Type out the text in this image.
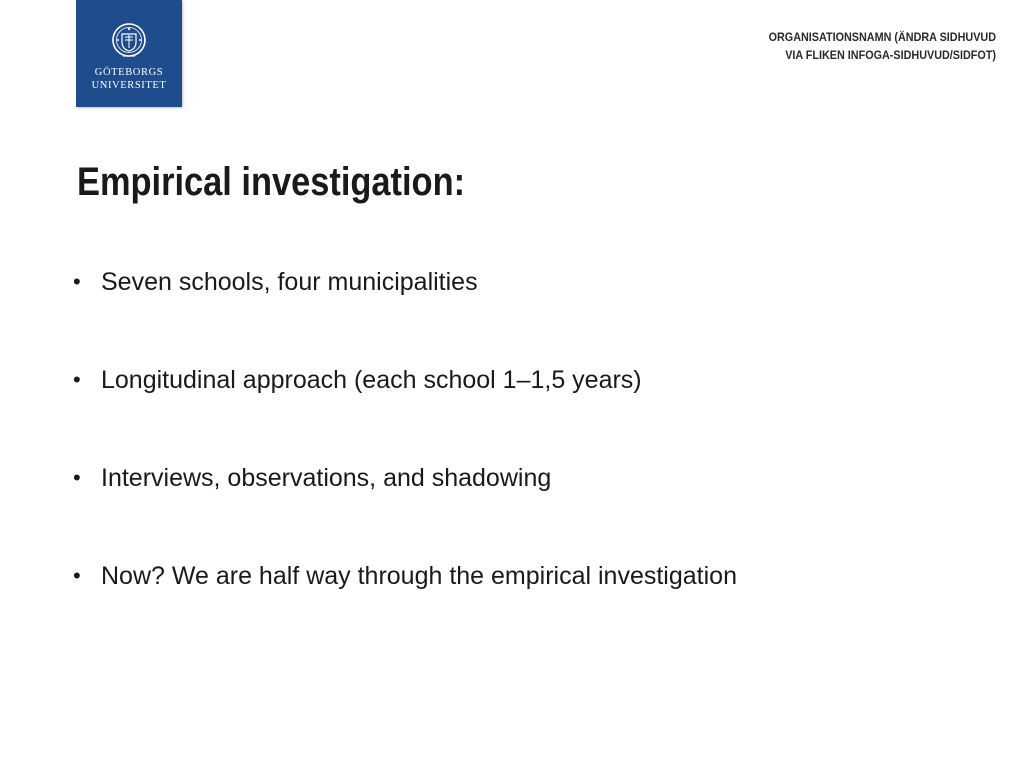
GÖTEBORGS
UNIVERSITET
ORGANISATIONSNAMN (ÄNDRA SIDHUVUD
VIA FLIKEN INFOGA-SIDHUVUD/SIDFOT)
Empirical investigation:
• Seven schools, four municipalities
• Longitudinal approach (each school 1–1,5 years)
• Interviews, observations, and shadowing
• Now? We are half way through the empirical investigation
